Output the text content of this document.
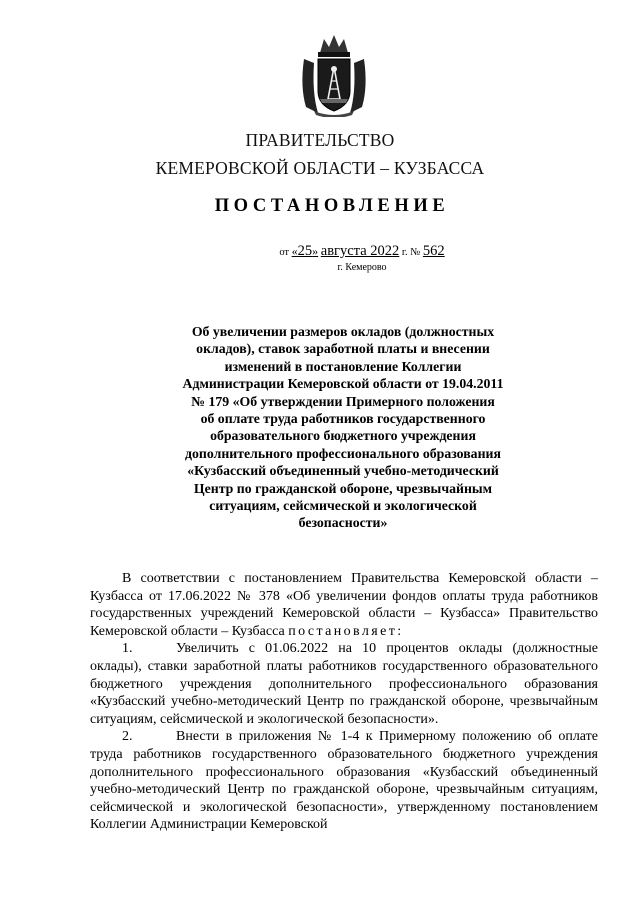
ПРАВИТЕЛЬСТВО
КЕМЕРОВСКОЙ ОБЛАСТИ – КУЗБАССА
ПОСТАНОВЛЕНИЕ
от «25» августа 2022 г. № 562
г. Кемерово
Об увеличении размеров окладов (должностных
окладов), ставок заработной платы и внесении
изменений в постановление Коллегии
Администрации Кемеровской области от 19.04.2011
№ 179 «Об утверждении Примерного положения
об оплате труда работников государственного
образовательного бюджетного учреждения
дополнительного профессионального образования
«Кузбасский объединенный учебно-методический
Центр по гражданской обороне, чрезвычайным
ситуациям, сейсмической и экологической
безопасности»

В соответствии с постановлением Правительства Кемеровской области – Кузбасса от 17.06.2022 № 378 «Об увеличении фондов оплаты труда работников государственных учреждений Кемеровской области – Кузбасса» Правительство Кемеровской области – Кузбасса постановляет:

1.	Увеличить с 01.06.2022 на 10 процентов оклады (должностные оклады), ставки заработной платы работников государственного образовательного бюджетного учреждения дополнительного профессионального образования «Кузбасский учебно-методический Центр по гражданской обороне, чрезвычайным ситуациям, сейсмической и экологической безопасности».

2.	Внести в приложения № 1-4 к Примерному положению об оплате труда работников государственного образовательного бюджетного учреждения дополнительного профессионального образования «Кузбасский объединенный учебно-методический Центр по гражданской обороне, чрезвычайным ситуациям, сейсмической и экологической безопасности», утвержденному постановлением Коллегии Администрации Кемеровской
